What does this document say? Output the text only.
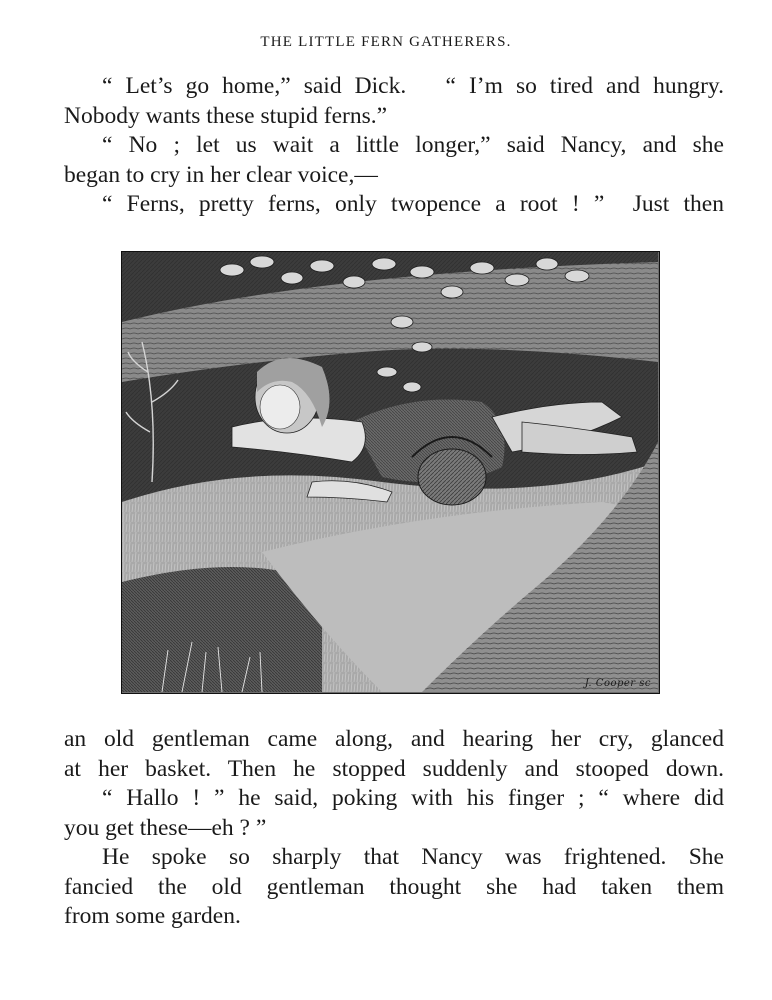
THE LITTLE FERN GATHERERS.
“ Let’s go home,” said Dick.   “ I’m so tired and hungry.
Nobody wants these stupid ferns.”
“ No ; let us wait a little longer,” said Nancy, and she
began to cry in her clear voice,—
“ Ferns, pretty ferns, only twopence a root ! ”  Just then
J. Cooper sc
an old gentleman came along, and hearing her cry, glanced
at her basket. Then he stopped suddenly and stooped down.
“ Hallo ! ” he said, poking with his finger ; “ where did
you get these—eh ? ”
He spoke so sharply that Nancy was frightened. She
fancied the old gentleman thought she had taken them
from some garden.
